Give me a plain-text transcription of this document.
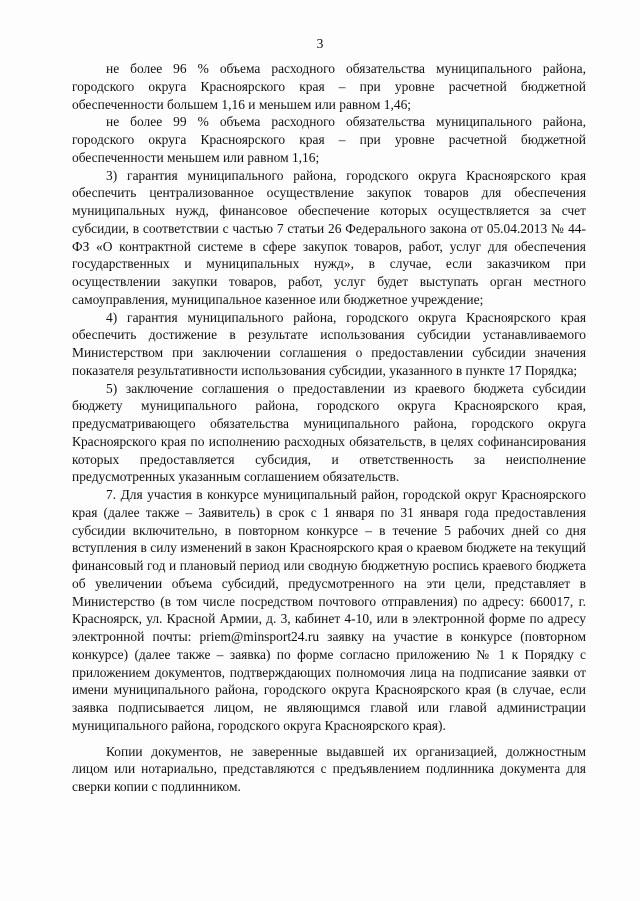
3

не более 96 % объема расходного обязательства муниципального района, городского округа Красноярского края – при уровне расчетной бюджетной обеспеченности большем 1,16 и меньшем или равном 1,46;

не более 99 % объема расходного обязательства муниципального района, городского округа Красноярского края – при уровне расчетной бюджетной обеспеченности меньшем или равном 1,16;

3) гарантия муниципального района, городского округа Красноярского края обеспечить централизованное осуществление закупок товаров для обеспечения муниципальных нужд, финансовое обеспечение которых осуществляется за счет субсидии, в соответствии с частью 7 статьи 26 Федерального закона от 05.04.2013 № 44-ФЗ «О контрактной системе в сфере закупок товаров, работ, услуг для обеспечения государственных и муниципальных нужд», в случае, если заказчиком при осуществлении закупки товаров, работ, услуг будет выступать орган местного самоуправления, муниципальное казенное или бюджетное учреждение;

4) гарантия муниципального района, городского округа Красноярского края обеспечить достижение в результате использования субсидии устанавливаемого Министерством при заключении соглашения о предоставлении субсидии значения показателя результативности использования субсидии, указанного в пункте 17 Порядка;

5) заключение соглашения о предоставлении из краевого бюджета субсидии бюджету муниципального района, городского округа Красноярского края, предусматривающего обязательства муниципального района, городского округа Красноярского края по исполнению расходных обязательств, в целях софинансирования которых предоставляется субсидия, и ответственность за неисполнение предусмотренных указанным соглашением обязательств.

7. Для участия в конкурсе муниципальный район, городской округ Красноярского края (далее также – Заявитель) в срок с 1 января по 31 января года предоставления субсидии включительно, в повторном конкурсе – в течение 5 рабочих дней со дня вступления в силу изменений в закон Красноярского края о краевом бюджете на текущий финансовый год и плановый период или сводную бюджетную роспись краевого бюджета об увеличении объема субсидий, предусмотренного на эти цели, представляет в Министерство (в том числе посредством почтового отправления) по адресу: 660017, г. Красноярск, ул. Красной Армии, д. 3, кабинет 4-10, или в электронной форме по адресу электронной почты: priem@minsport24.ru заявку на участие в конкурсе (повторном конкурсе) (далее также – заявка) по форме согласно приложению № 1 к Порядку с приложением документов, подтверждающих полномочия лица на подписание заявки от имени муниципального района, городского округа Красноярского края (в случае, если заявка подписывается лицом, не являющимся главой или главой администрации муниципального района, городского округа Красноярского края).

Копии документов, не заверенные выдавшей их организацией, должностным лицом или нотариально, представляются с предъявлением подлинника документа для сверки копии с подлинником.
